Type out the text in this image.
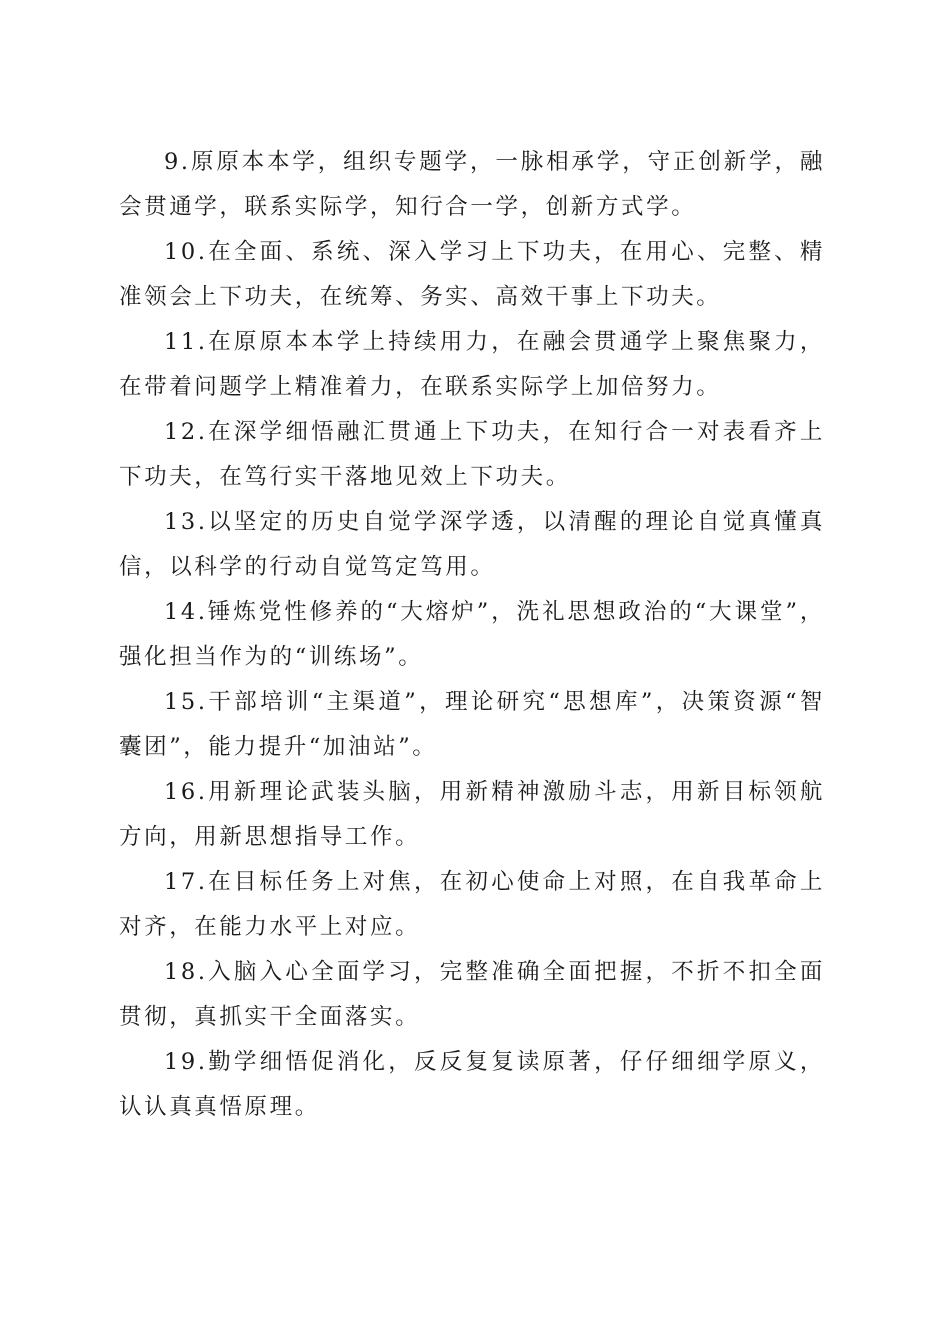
9.原原本本学，组织专题学，一脉相承学，守正创新学，融会贯通学，联系实际学，知行合一学，创新方式学。

10.在全面、系统、深入学习上下功夫，在用心、完整、精准领会上下功夫，在统筹、务实、高效干事上下功夫。

11.在原原本本学上持续用力，在融会贯通学上聚焦聚力，在带着问题学上精准着力，在联系实际学上加倍努力。

12.在深学细悟融汇贯通上下功夫，在知行合一对表看齐上下功夫，在笃行实干落地见效上下功夫。

13.以坚定的历史自觉学深学透，以清醒的理论自觉真懂真信，以科学的行动自觉笃定笃用。

14.锤炼党性修养的“大熔炉”，洗礼思想政治的“大课堂”，强化担当作为的“训练场”。

15.干部培训“主渠道”，理论研究“思想库”，决策资源“智囊团”，能力提升“加油站”。

16.用新理论武装头脑，用新精神激励斗志，用新目标领航方向，用新思想指导工作。

17.在目标任务上对焦，在初心使命上对照，在自我革命上对齐，在能力水平上对应。

18.入脑入心全面学习，完整准确全面把握，不折不扣全面贯彻，真抓实干全面落实。

19.勤学细悟促消化，反反复复读原著，仔仔细细学原义，认认真真悟原理。
